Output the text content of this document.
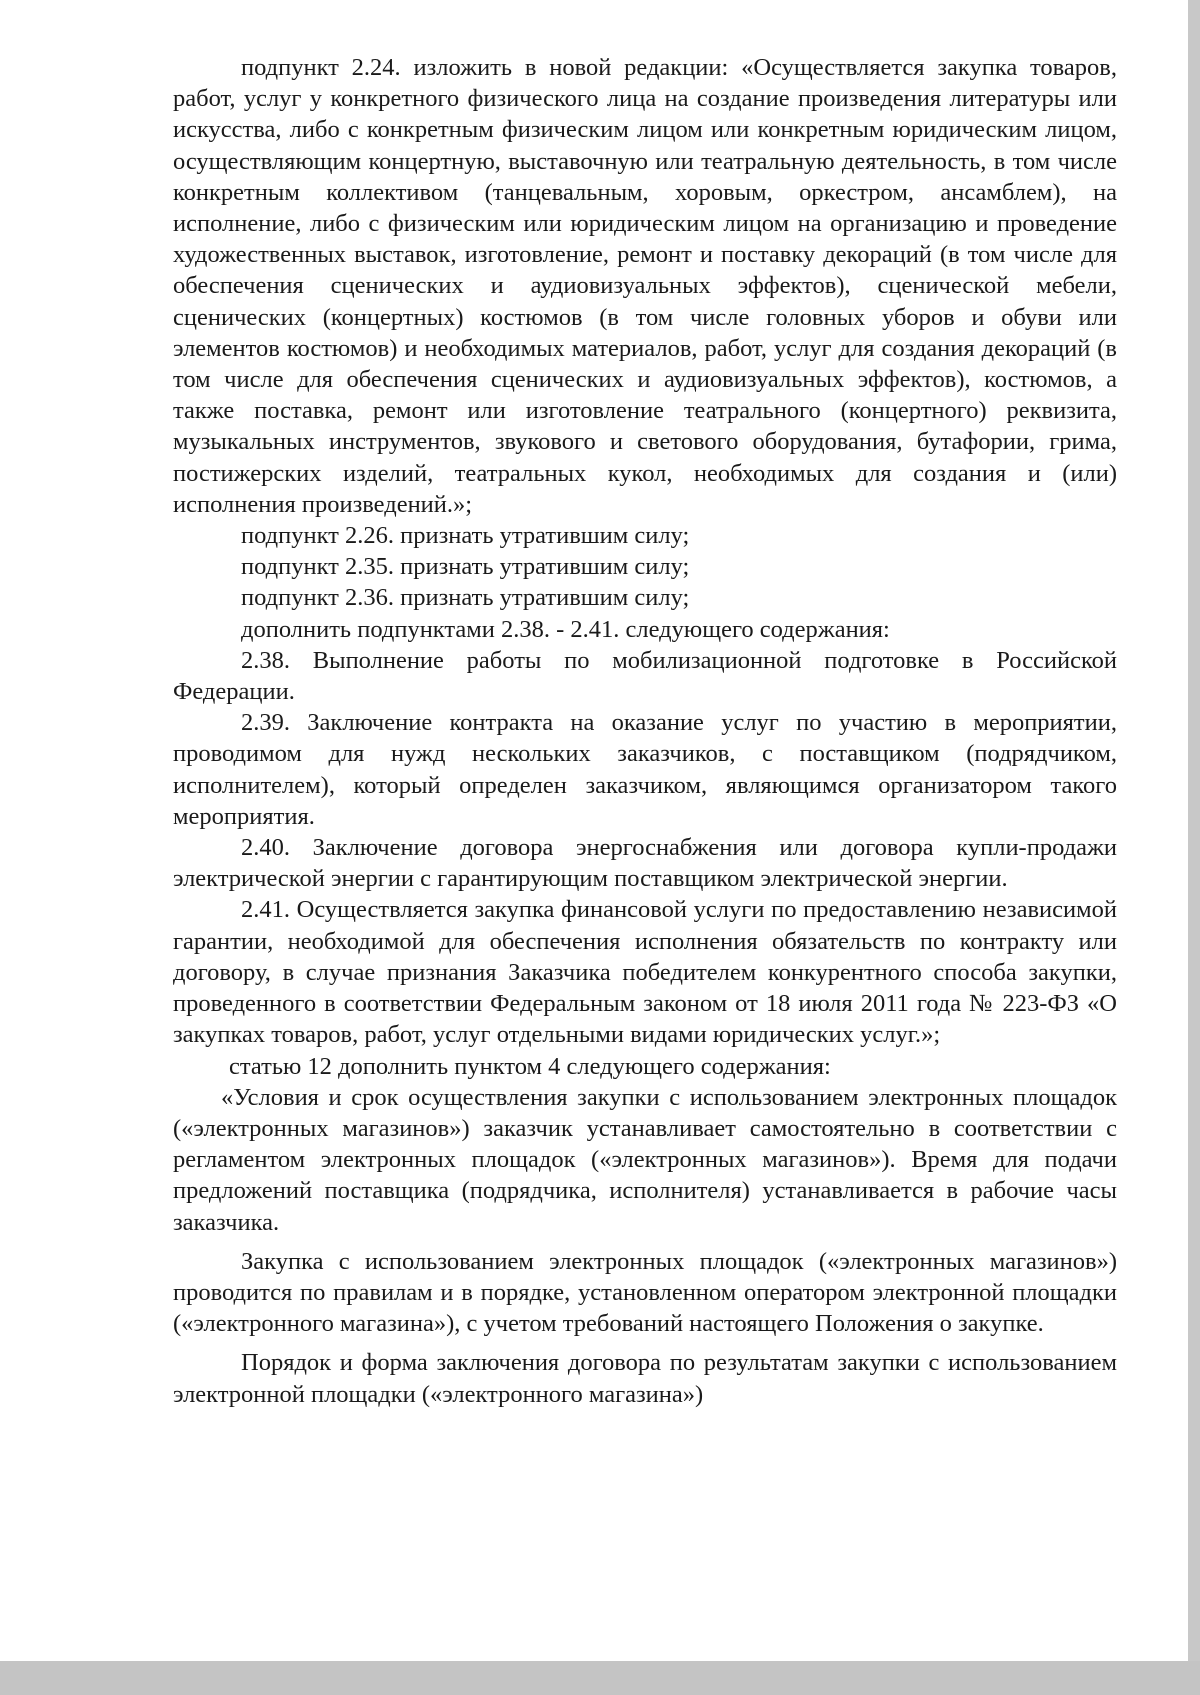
подпункт 2.24. изложить в новой редакции: «Осуществляется закупка товаров, работ, услуг у конкретного физического лица на создание произведения литературы или искусства, либо с конкретным физическим лицом или конкретным юридическим лицом, осуществляющим концертную, выставочную или театральную деятельность, в том числе конкретным коллективом (танцевальным, хоровым, оркестром, ансамблем), на исполнение, либо с физическим или юридическим лицом на организацию и проведение художественных выставок, изготовление, ремонт и поставку декораций (в том числе для обеспечения сценических и аудиовизуальных эффектов), сценической мебели, сценических (концертных) костюмов (в том числе головных уборов и обуви или элементов костюмов) и необходимых материалов, работ, услуг для создания декораций (в том числе для обеспечения сценических и аудиовизуальных эффектов), костюмов, а также поставка, ремонт или изготовление театрального (концертного) реквизита, музыкальных инструментов, звукового и светового оборудования, бутафории, грима, постижерских изделий, театральных кукол, необходимых для создания и (или) исполнения произведений.»;

подпункт 2.26. признать утратившим силу;

подпункт 2.35. признать утратившим силу;

подпункт 2.36. признать утратившим силу;

дополнить подпунктами 2.38. - 2.41. следующего содержания:

2.38. Выполнение работы по мобилизационной подготовке в Российской Федерации.

2.39. Заключение контракта на оказание услуг по участию в мероприятии, проводимом для нужд нескольких заказчиков, с поставщиком (подрядчиком, исполнителем), который определен заказчиком, являющимся организатором такого мероприятия.

2.40. Заключение договора энергоснабжения или договора купли-продажи электрической энергии с гарантирующим поставщиком электрической энергии.

2.41. Осуществляется закупка финансовой услуги по предоставлению независимой гарантии, необходимой для обеспечения исполнения обязательств по контракту или договору, в случае признания Заказчика победителем конкурентного способа закупки, проведенного в соответствии Федеральным законом от 18 июля 2011 года № 223-ФЗ «О закупках товаров, работ, услуг отдельными видами юридических услуг.»;

статью 12 дополнить пунктом 4 следующего содержания:

«Условия и срок осуществления закупки с использованием электронных площадок («электронных магазинов») заказчик устанавливает самостоятельно в соответствии с регламентом электронных площадок («электронных магазинов»). Время для подачи предложений поставщика (подрядчика, исполнителя) устанавливается в рабочие часы заказчика.

Закупка с использованием электронных площадок («электронных магазинов») проводится по правилам и в порядке, установленном оператором электронной площадки («электронного магазина»), с учетом требований настоящего Положения о закупке.

Порядок и форма заключения договора по результатам закупки с использованием электронной площадки («электронного магазина»)
